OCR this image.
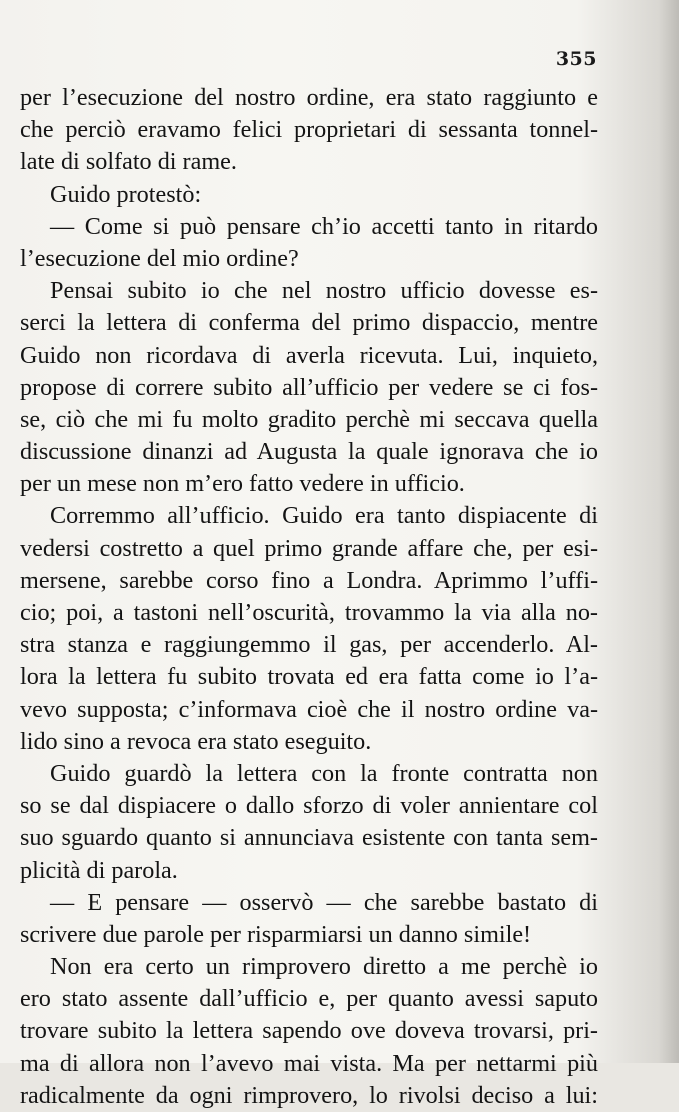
355
per l’esecuzione del nostro ordine, era stato raggiunto e
che perciò eravamo felici proprietari di sessanta tonnel-
late di solfato di rame.
Guido protestò:
— Come si può pensare ch’io accetti tanto in ritardo
l’esecuzione del mio ordine?
Pensai subito io che nel nostro ufficio dovesse es-
serci la lettera di conferma del primo dispaccio, mentre
Guido non ricordava di averla ricevuta. Lui, inquieto,
propose di correre subito all’ufficio per vedere se ci fos-
se, ciò che mi fu molto gradito perchè mi seccava quella
discussione dinanzi ad Augusta la quale ignorava che io
per un mese non m’ero fatto vedere in ufficio.
Corremmo all’ufficio. Guido era tanto dispiacente di
vedersi costretto a quel primo grande affare che, per esi-
mersene, sarebbe corso fino a Londra. Aprimmo l’uffi-
cio; poi, a tastoni nell’oscurità, trovammo la via alla no-
stra stanza e raggiungemmo il gas, per accenderlo. Al-
lora la lettera fu subito trovata ed era fatta come io l’a-
vevo supposta; c’informava cioè che il nostro ordine va-
lido sino a revoca era stato eseguito.
Guido guardò la lettera con la fronte contratta non
so se dal dispiacere o dallo sforzo di voler annientare col
suo sguardo quanto si annunciava esistente con tanta sem-
plicità di parola.
— E pensare — osservò — che sarebbe bastato di
scrivere due parole per risparmiarsi un danno simile!
Non era certo un rimprovero diretto a me perchè io
ero stato assente dall’ufficio e, per quanto avessi saputo
trovare subito la lettera sapendo ove doveva trovarsi, pri-
ma di allora non l’avevo mai vista. Ma per nettarmi più
radicalmente da ogni rimprovero, lo rivolsi deciso a lui:
